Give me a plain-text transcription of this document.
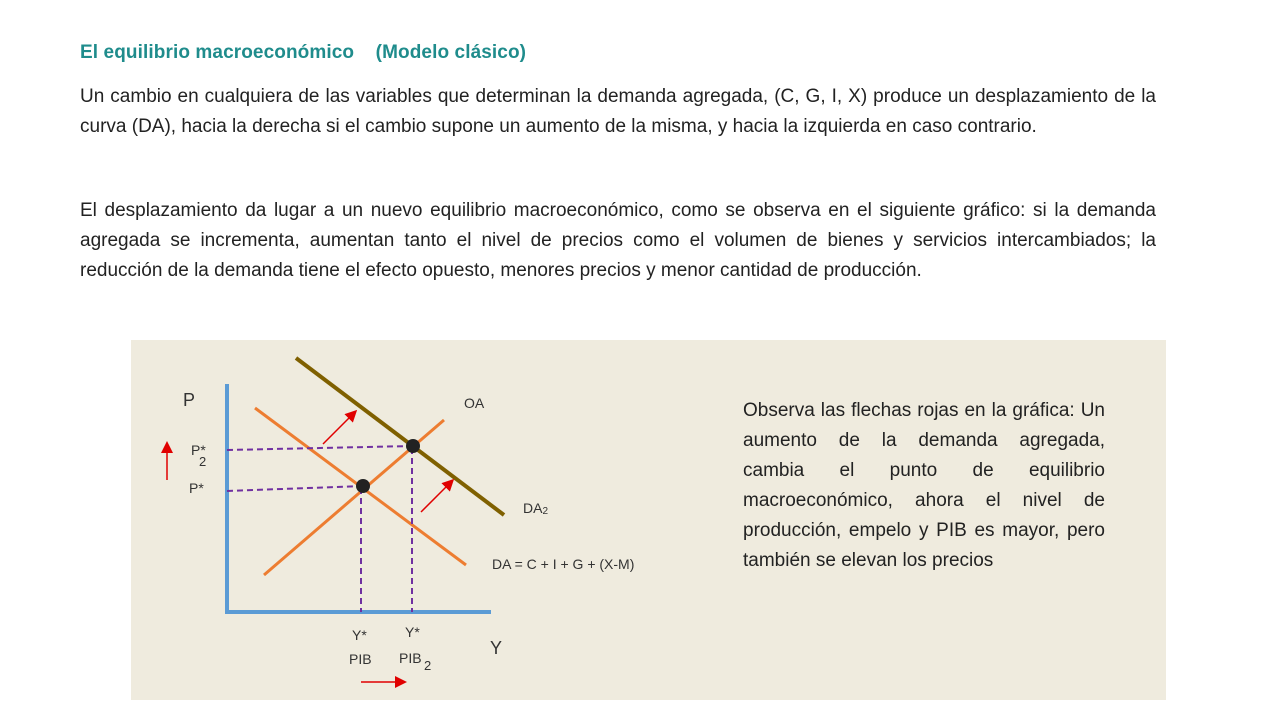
El equilibrio macroeconómico    (Modelo clásico)
Un cambio en cualquiera de las variables que determinan la demanda agregada, (C, G, I, X) produce un desplazamiento de la curva (DA), hacia la derecha si el cambio supone un aumento de la misma, y hacia la izquierda en caso contrario.
El desplazamiento da lugar a un nuevo equilibrio macroeconómico, como se observa en el siguiente gráfico: si la demanda agregada se incrementa, aumentan tanto el nivel de precios como el volumen de bienes y servicios intercambiados; la reducción de la demanda tiene el efecto opuesto, menores precios y menor cantidad de producción.
P
Y
OA
DA2
DA = C + I + G + (X-M)
P*
2
P*
Y*
PIB
Y*
PIB 2
Observa las flechas rojas en la gráfica: Un aumento de la demanda agregada, cambia el punto de equilibrio macroeconómico, ahora el nivel de producción, empelo y PIB es mayor, pero también se elevan los precios
